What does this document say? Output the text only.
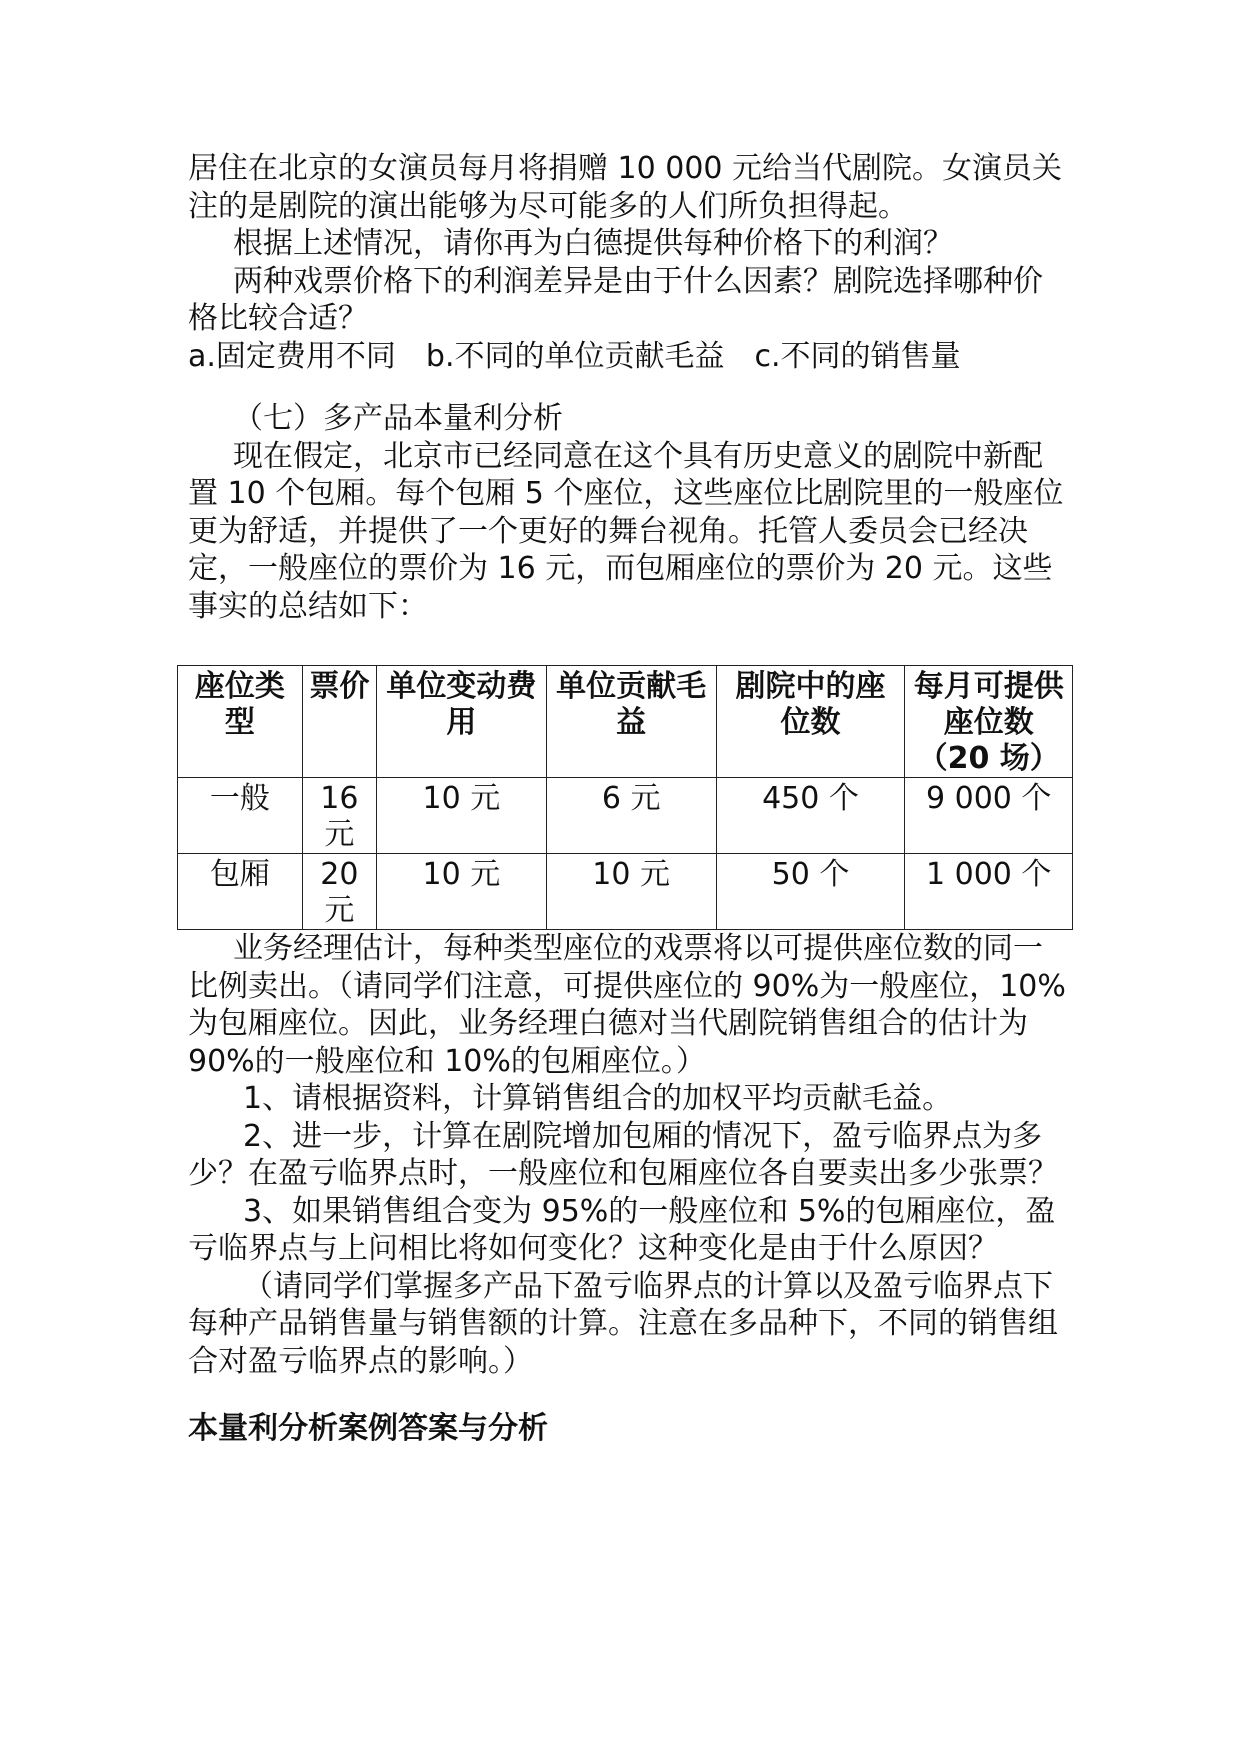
居住在北京的女演员每月将捐赠 10 000 元给当代剧院。女演员关注的是剧院的演出能够为尽可能多的人们所负担得起。

根据上述情况，请你再为白德提供每种价格下的利润？

两种戏票价格下的利润差异是由于什么因素？剧院选择哪种价格比较合适？

a.固定费用不同 b.不同的单位贡献毛益 c.不同的销售量

（七）多产品本量利分析

现在假定，北京市已经同意在这个具有历史意义的剧院中新配置 10 个包厢。每个包厢 5 个座位，这些座位比剧院里的一般座位更为舒适，并提供了一个更好的舞台视角。托管人委员会已经决定，一般座位的票价为 16 元，而包厢座位的票价为 20 元。这些事实的总结如下：

座位类型	票价	单位变动费用	单位贡献毛益	剧院中的座位数	每月可提供座位数（20 场）
一般	16 元	10 元	6 元	450 个	9 000 个
包厢	20 元	10 元	10 元	50 个	1 000 个

业务经理估计，每种类型座位的戏票将以可提供座位数的同一比例卖出。（请同学们注意，可提供座位的 90%为一般座位，10%为包厢座位。因此，业务经理白德对当代剧院销售组合的估计为 90%的一般座位和 10%的包厢座位。）

1、请根据资料，计算销售组合的加权平均贡献毛益。

2、进一步，计算在剧院增加包厢的情况下，盈亏临界点为多少？在盈亏临界点时，一般座位和包厢座位各自要卖出多少张票？

3、如果销售组合变为 95%的一般座位和 5%的包厢座位，盈亏临界点与上问相比将如何变化？这种变化是由于什么原因？

（请同学们掌握多产品下盈亏临界点的计算以及盈亏临界点下每种产品销售量与销售额的计算。注意在多品种下，不同的销售组合对盈亏临界点的影响。）

本量利分析案例答案与分析
